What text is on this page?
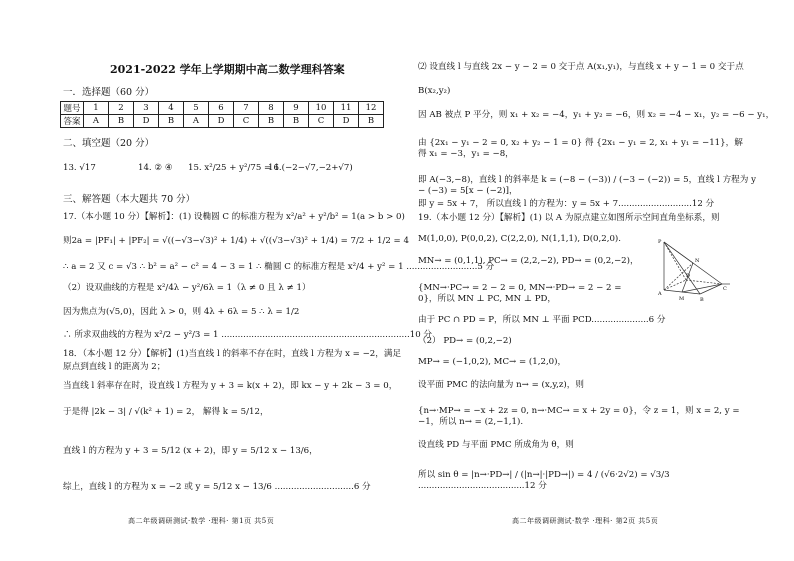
2021-2022 学年上学期期中高二数学理科答案
一．选择题（60 分）
题号	1	2	3	4	5	6	7	8	9	10	11	12
答案	A	B	D	B	A	D	C	B	B	C	D	B
二、填空题（20 分）
13. √17	14. ② ④ 15. x²/25 + y²/75 = 1
16.(−2−√7,−2+√7)
三、解答题（本大题共 70 分）
17.（本小题 10 分）【解析】：(1) 设椭圆 C 的标准方程为 x²/a² + y²/b² = 1(a > b > 0)
则2a = |PF₁| + |PF₂| = √((−√3−√3)² + 1/4) + √((√3−√3)² + 1/4) = 7/2 + 1/2 = 4
∴ a = 2 又 c = √3 ∴ b² = a² − c² = 4 − 3 = 1 ∴ 椭圆 C 的标准方程是 x²/4 + y² = 1 ..........................5 分
（2）设双曲线的方程是 x²/4λ − y²/6λ = 1（λ ≠ 0 且 λ ≠ 1）
因为焦点为(√5,0)，因此 λ > 0，则 4λ + 6λ = 5 ∴ λ = 1/2
∴ 所求双曲线的方程为 x²/2 − y²/3 = 1 .....................................................................10 分
18．（本小题 12 分）【解析】(1)当直线 l 的斜率不存在时，直线 l 方程为 x = −2，满足
原点到直线 l 的距离为 2；
当直线 l 斜率存在时，设直线 l 方程为 y + 3 = k(x + 2)，即 kx − y + 2k − 3 = 0，
于是得 |2k − 3| / √(k² + 1) = 2， 解得 k = 5/12，
直线 l 的方程为 y + 3 = 5/12 (x + 2)，即 y = 5/12 x − 13/6，
综上，直线 l 的方程为 x = −2 或 y = 5/12 x − 13/6 .............................6 分
高二年级调研测试·数学 ·理科· 第1页 共5页
⑵ 设直线 l 与直线 2x − y − 2 = 0 交于点 A(x₁,y₁)，与直线 x + y − 1 = 0 交于点
B(x₂,y₂)
因 AB 被点 P 平分，则 x₁ + x₂ = −4，y₁ + y₂ = −6，则 x₂ = −4 − x₁，y₂ = −6 − y₁，
由 {2x₁ − y₁ − 2 = 0, x₂ + y₂ − 1 = 0} 得 {2x₁ − y₁ = 2, x₁ + y₁ = −11}，解得 x₁ = −3，y₁ = −8，
即 A(−3,−8)，直线 l 的斜率是 k = (−8 − (−3)) / (−3 − (−2)) = 5，直线 l 方程为 y − (−3) = 5[x − (−2)]，
即 y = 5x + 7， 所以直线 l 的方程为：y = 5x + 7...........................12 分
19.（本小题 12 分）【解析】(1) 以 A 为原点建立如图所示空间直角坐标系，则
M(1,0,0), P(0,0,2), C(2,2,0), N(1,1,1), D(0,2,0).
MN→ = (0,1,1), PC→ = (2,2,−2), PD→ = (0,2,−2)，
{MN→·PC→ = 2 − 2 = 0, MN→·PD→ = 2 − 2 = 0}，所以 MN ⊥ PC, MN ⊥ PD，
由于 PC ∩ PD = P，所以 MN ⊥ 平面 PCD.....................6 分
（2） PD→ = (0,2,−2)
MP→ = (−1,0,2), MC→ = (1,2,0)，
设平面 PMC 的法向量为 n→ = (x,y,z)，则
{n→·MP→ = −x + 2z = 0, n→·MC→ = x + 2y = 0}，令 z = 1，则 x = 2, y = −1，所以 n→ = (2,−1,1).
设直线 PD 与平面 PMC 所成角为 θ，则
所以 sin θ = |n→·PD→| / (|n→|·|PD→|) = 4 / (√6·2√2) = √3/3 .......................................12 分
高二年级调研测试·数学 ·理科· 第2页 共5页
P
A
B
C
D
M
N
